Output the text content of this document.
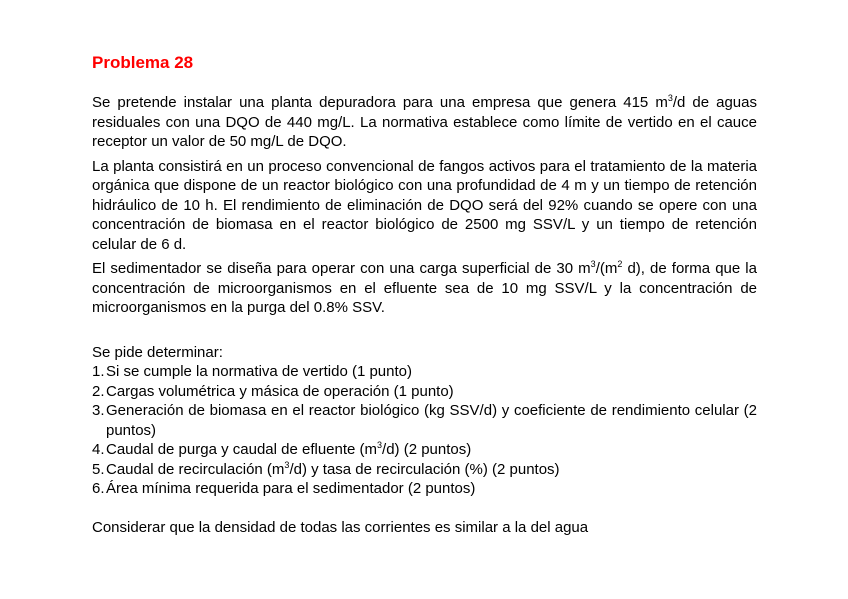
Problema 28

Se pretende instalar una planta depuradora para una empresa que genera 415 $m^3/d$ de aguas residuales con una DQO de 440 mg/L. La normativa establece como límite de vertido en el cauce receptor un valor de 50 mg/L de DQO.

La planta consistirá en un proceso convencional de fangos activos para el tratamiento de la materia orgánica que dispone de un reactor biológico con una profundidad de 4 m y un tiempo de retención hidráulico de 10 h. El rendimiento de eliminación de DQO será del 92% cuando se opere con una concentración de biomasa en el reactor biológico de 2500 mg SSV/L y un tiempo de retención celular de 6 d.

El sedimentador se diseña para operar con una carga superficial de 30 $m^3/(m^2$ d), de forma que la concentración de microorganismos en el efluente sea de 10 mg SSV/L y la concentración de microorganismos en la purga del 0.8% SSV.

Se pide determinar:

1. Si se cumple la normativa de vertido (1 punto)
2. Cargas volumétrica y másica de operación (1 punto)
3. Generación de biomasa en el reactor biológico (kg SSV/d) y coeficiente de rendimiento celular (2 puntos)
4. Caudal de purga y caudal de efluente $(m^3/d)$ (2 puntos)
5. Caudal de recirculación $(m^3/d)$ y tasa de recirculación (%) (2 puntos)
6. Área mínima requerida para el sedimentador (2 puntos)

Considerar que la densidad de todas las corrientes es similar a la del agua
